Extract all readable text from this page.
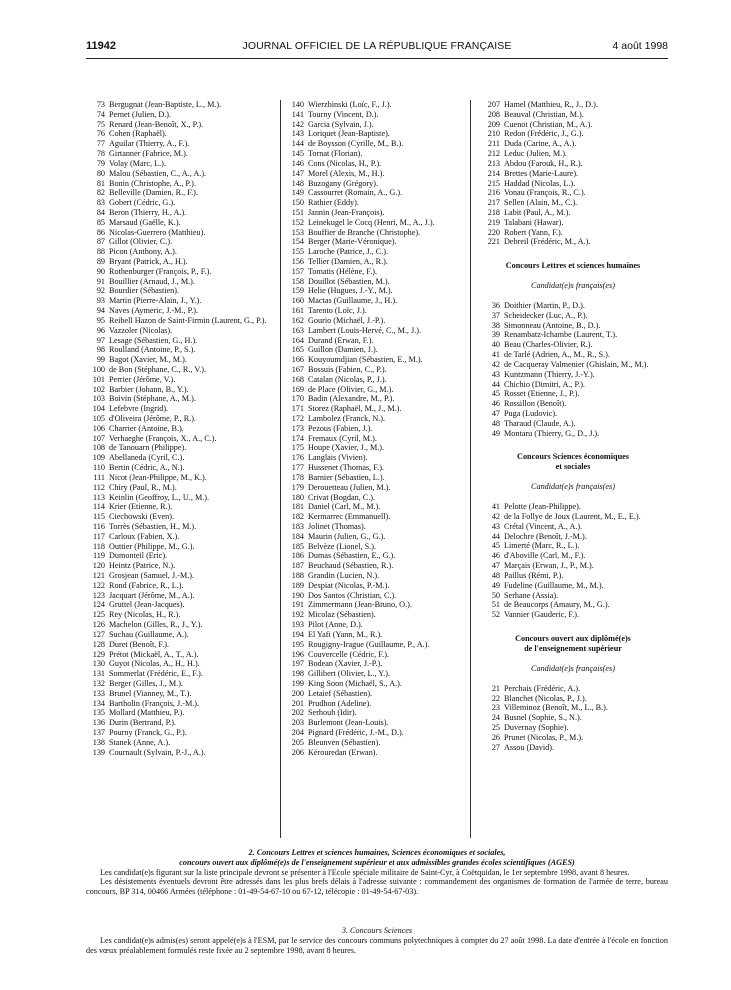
11942	JOURNAL OFFICIEL DE LA RÉPUBLIQUE FRANÇAISE	4 août 1998
73 Bergugnat (Jean-Baptiste, L., M.).
74 Pernet (Julien, D.).
75 Renard (Jean-Benoît, X., P.).
76 Cohen (Raphaël).
77 Aguilar (Thierry, A., F.).
78 Girtanner (Fabrice, M.).
79 Volay (Marc, L.).
80 Malou (Sébastien, C., A., A.).
81 Bonin (Christophe, A., P.).
82 Belleville (Damien, R., F.).
83 Gobert (Cédric, G.).
84 Beron (Thierry, H., A.).
85 Marsaud (Gaëlle, K.).
86 Nicolas-Guerrero (Matthieu).
87 Gillot (Olivier, C.).
88 Picon (Anthony, A.).
89 Bryant (Patrick, A., H.).
90 Rothenburger (François, P., F.).
91 Bouillier (Arnaud, J., M.).
92 Bourdier (Sébastien).
93 Martin (Pierre-Alain, J., Y.).
94 Naves (Aymeric, J.-M., P.).
95 Reibell Hazon de Saint-Firmin (Laurent, G., P.).
96 Vazzoler (Nicolas).
97 Lesage (Sébastien, G., H.).
98 Roulland (Antoine, P., S.).
99 Bagot (Xavier, M., M.).
100 de Bon (Stéphane, C., R., V.).
101 Perrier (Jérôme, V.).
102 Barbier (Johann, B., Y.).
103 Boivin (Stéphane, A., M.).
104 Lefebvre (Ingrid).
105 d'Oliveira (Jérôme, P., R.).
106 Charrier (Antoine, B.).
107 Verhaeghe (François, X., A., C.).
108 de Tanouarn (Philippe).
109 Abellaneda (Cyril, C.).
110 Bertin (Cédric, A., N.).
111 Nicot (Jean-Philippe, M., K.).
112 Chiry (Paul, R., M.).
113 Keinlin (Geoffroy, L., U., M.).
114 Krier (Etienne, R.).
115 Ciechowski (Even).
116 Torrès (Sébastien, H., M.).
117 Carloux (Fabien, X.).
118 Outtier (Philippe, M., G.).
119 Dumonteil (Eric).
120 Heintz (Patrice, N.).
121 Grosjean (Samuel, J.-M.).
122 Rond (Fabrice, R., L.).
123 Jacquart (Jérôme, M., A.).
124 Gruttel (Jean-Jacques).
125 Rey (Nicolas, H., R.).
126 Machelon (Gilles, R., J., Y.).
127 Suchau (Guillaume, A.).
128 Duret (Benoît, F.).
129 Prétot (Mickaël, A., T., A.).
130 Guyot (Nicolas, A., H., H.).
131 Sommerlat (Frédéric, E., F.).
132 Berger (Gilles, J., M.).
133 Brunel (Vianney, M., T.).
134 Bartholin (François, J.-M.).
135 Mollard (Matthieu, P.).
136 Durin (Bertrand, P.).
137 Pourny (Franck, G., P.).
138 Stanek (Anne, A.).
139 Cournault (Sylvain, P.-J., A.).
140 Wierzbinski (Loïc, F., J.).
141 Tourny (Vincent, D.).
142 Garcia (Sylvain, J.).
143 Loriquet (Jean-Baptiste).
144 de Boysson (Cyrille, M., B.).
145 Tornat (Florian).
146 Cons (Nicolas, H., P.).
147 Morel (Alexis, M., H.).
148 Buzogany (Grégory).
149 Cassourret (Romain, A., G.).
150 Rathier (Eddy).
151 Jannin (Jean-François).
152 Leinekugel le Cocq (Henri, M., A., J.).
153 Bouffier de Branche (Christophe).
154 Berger (Marie-Véronique).
155 Laroche (Patrice, J., C.).
156 Tellier (Damien, A., R.).
157 Tomatis (Hélène, F.).
158 Douillot (Sébastien, M.).
159 Helie (Hugues, J.-Y., M.).
160 Mactas (Guillaume, J., H.).
161 Tarento (Loïc, J.).
162 Gourio (Michaël, J.-P.).
163 Lambert (Louis-Hervé, C., M., J.).
164 Durand (Erwan, F.).
165 Guillon (Damien, J.).
166 Kouyoumdjian (Sébastien, E., M.).
167 Bossuis (Fabien, C., P.).
168 Catalan (Nicolas, P., J.).
169 de Place (Olivier, G., M.).
170 Badin (Alexandre, M., P.).
171 Storez (Raphaël, M., J., M.).
172 Lambolez (Franck, N.).
173 Pezous (Fabien, J.).
174 Fremaux (Cyril, M.).
175 Houpe (Xavier, J., M.).
176 Langlais (Vivien).
177 Hussenet (Thomas, F.).
178 Barnier (Sébastien, L.).
179 Derouetteau (Julien, M.).
180 Crivat (Bogdan, C.).
181 Daniel (Carl, M., M.).
182 Kermarrec (Emmanuell).
183 Jolinet (Thomas).
184 Maurin (Julien, G., G.).
185 Belvèze (Lionel, S.).
186 Dumas (Sébastien, E., G.).
187 Beuchaud (Sébastien, R.).
188 Grandin (Lucien, N.).
189 Despiat (Nicolas, P.-M.).
190 Dos Santos (Christian, C.).
191 Zimmermann (Jean-Bruno, O.).
192 Micolaz (Sébastien).
193 Pilot (Anne, D.).
194 El Yafi (Yann, M., R.).
195 Rougigny-Irague (Guillaume, P., A.).
196 Couvercelle (Cédric, F.).
197 Bodean (Xavier, J.-P.).
198 Gillibert (Olivier, L., Y.).
199 King Soon (Michaël, S., A.).
200 Letaief (Sébastien).
201 Prudhon (Adeline).
202 Serhouh (Idir).
203 Burlemont (Jean-Louis).
204 Pignard (Frédéric, J.-M., D.).
205 Bleunven (Sébastien).
206 Kérouredan (Erwan).
207 Hamel (Matthieu, R., J., D.).
208 Beauval (Christian, M.).
209 Cuenot (Christian, M., A.).
210 Redon (Frédéric, J., G.).
211 Duda (Carine, A., A.).
212 Leduc (Julien, M.).
213 Abdou (Farouk, H., R.).
214 Brettes (Marie-Laure).
215 Haddad (Nicolas, L.).
216 Vonau (François, R., C.).
217 Sellen (Alain, M., C.).
218 Labit (Paul, A., M.).
219 Talabani (Hawar).
220 Robert (Yann, F.).
221 Debreil (Frédéric, M., A.).
Concours Lettres et sciences humaines
Candidat(e)s français(es)
36 Doithier (Martin, P., D.).
37 Scheidecker (Luc, A., P.).
38 Simonneau (Antoine, B., D.).
39 Renambatz-Ichambe (Laurent, T.).
40 Beau (Charles-Olivier, R.).
41 de Tarlé (Adrien, A., M., R., S.).
42 de Cacqueray Valmenier (Ghislain, M., M.).
43 Kuntzmann (Thierry, J.-Y.).
44 Chichio (Dimitri, A., P.).
45 Rosset (Etienne, J., P.).
46 Rossillon (Benoît).
47 Puga (Ludovic).
48 Tharaud (Claude, A.).
49 Montaru (Thierry, G., D., J.).
Concours Sciences économiques
et sociales
Candidat(e)s français(es)
41 Pelotte (Jean-Philippe).
42 de la Follye de Joux (Laurent, M., E., E.).
43 Crétal (Vincent, A., A.).
44 Delochre (Benoît, J.-M.).
45 Limerté (Marc, R., L.).
46 d'Aboville (Carl, M., F.).
47 Marçais (Erwan, J., P., M.).
48 Paillus (Rémi, P.).
49 Fudeline (Guillaume, M., M.).
50 Serhane (Assia).
51 de Beaucorps (Amaury, M., G.).
52 Vannier (Gauderic, F.).
Concours ouvert aux diplômé(e)s
de l'enseignement supérieur
Candidat(e)s français(es)
21 Perchais (Frédéric, A.).
22 Blanchet (Nicolas, P., J.).
23 Villeminoz (Benoît, M., L., B.).
24 Busnel (Sophie, S., N.).
25 Duvernay (Sophie).
26 Prunet (Nicolas, P., M.).
27 Assou (David).
2. Concours Lettres et sciences humaines, Sciences économiques et sociales,
concours ouvert aux diplômé(e)s de l'enseignement supérieur et aux admissibles grandes écoles scientifiques (AGES)
Les candidat(e)s figurant sur la liste principale devront se présenter à l'Ecole spéciale militaire de Saint-Cyr, à Coëtquidan, le 1er septembre 1998, avant 8 heures.
Les désistements éventuels devront être adressés dans les plus brefs délais à l'adresse suivante : commandement des organismes de formation de l'armée de terre, bureau concours, BP 314, 00466 Armées (téléphone : 01-49-54-67-10 ou 67-12, télécopie : 01-49-54-67-03).
3. Concours Sciences
Les candidat(e)s admis(es) seront appelé(e)s à l'ESM, par le service des concours communs polytechniques à compter du 27 août 1998. La date d'entrée à l'école en fonction des vœux préalablement formulés reste fixée au 2 septembre 1998, avant 8 heures.
